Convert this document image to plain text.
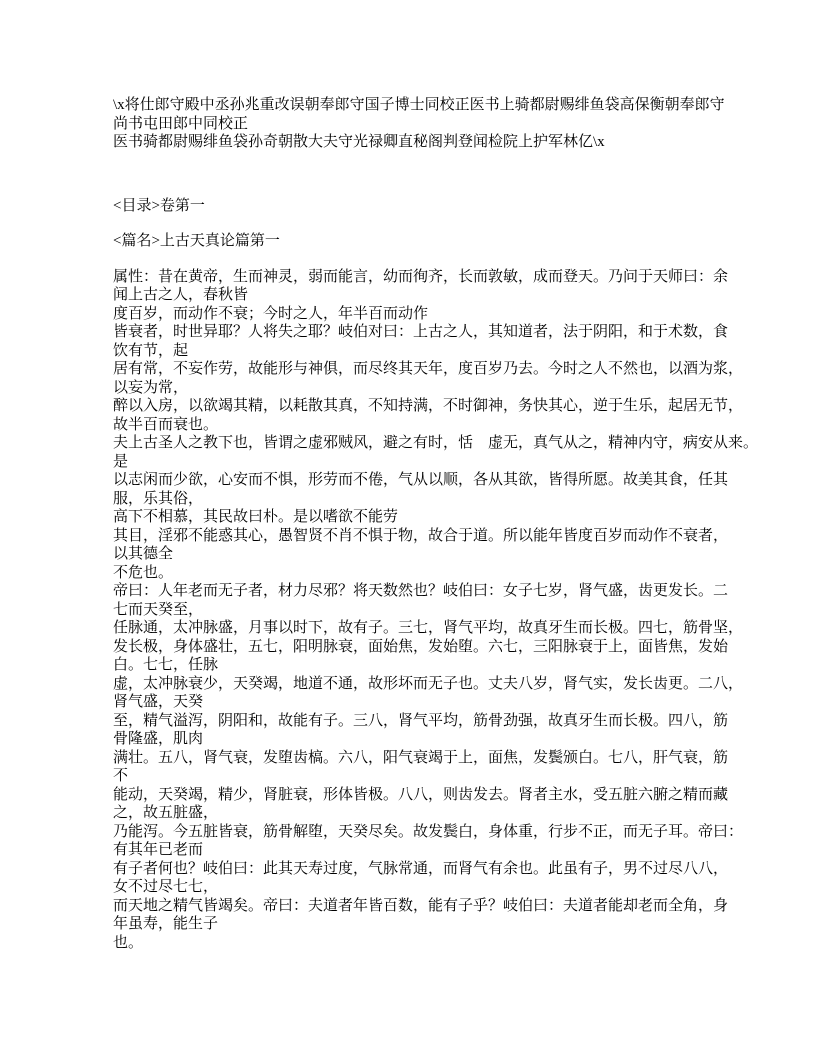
\x将仕郎守殿中丞孙兆重改误朝奉郎守国子博士同校正医书上骑都尉赐绯鱼袋高保衡朝奉郎守
尚书屯田郎中同校正
医书骑都尉赐绯鱼袋孙奇朝散大夫守光禄卿直秘阁判登闻检院上护军林亿\x
<目录>卷第一
<篇名>上古天真论篇第一
属性：昔在黄帝，生而神灵，弱而能言，幼而徇齐，长而敦敏，成而登天。乃问于天师曰：余
闻上古之人，春秋皆
度百岁，而动作不衰；今时之人，年半百而动作
皆衰者，时世异耶？人将失之耶？岐伯对曰：上古之人，其知道者，法于阴阳，和于术数，食
饮有节，起
居有常，不妄作劳，故能形与神俱，而尽终其天年，度百岁乃去。今时之人不然也，以酒为浆，
以妄为常，
醉以入房，以欲竭其精，以耗散其真，不知持满，不时御神，务快其心，逆于生乐，起居无节，
故半百而衰也。
夫上古圣人之教下也，皆谓之虚邪贼风，避之有时，恬　虚无，真气从之，精神内守，病安从来。
是
以志闲而少欲，心安而不惧，形劳而不倦，气从以顺，各从其欲，皆得所愿。故美其食，任其
服，乐其俗，
高下不相慕，其民故曰朴。是以嗜欲不能劳
其目，淫邪不能惑其心，愚智贤不肖不惧于物，故合于道。所以能年皆度百岁而动作不衰者，
以其德全
不危也。
帝曰：人年老而无子者，材力尽邪？将天数然也？岐伯曰：女子七岁，肾气盛，齿更发长。二
七而天癸至，
任脉通，太冲脉盛，月事以时下，故有子。三七，肾气平均，故真牙生而长极。四七，筋骨坚，
发长极，身体盛壮，五七，阳明脉衰，面始焦，发始堕。六七，三阳脉衰于上，面皆焦，发始
白。七七，任脉
虚，太冲脉衰少，天癸竭，地道不通，故形坏而无子也。丈夫八岁，肾气实，发长齿更。二八，
肾气盛，天癸
至，精气溢泻，阴阳和，故能有子。三八，肾气平均，筋骨劲强，故真牙生而长极。四八，筋
骨隆盛，肌肉
满壮。五八，肾气衰，发堕齿槁。六八，阳气衰竭于上，面焦，发鬓颁白。七八，肝气衰，筋
不
能动，天癸竭，精少，肾脏衰，形体皆极。八八，则齿发去。肾者主水，受五脏六腑之精而藏
之，故五脏盛，
乃能泻。今五脏皆衰，筋骨解堕，天癸尽矣。故发鬓白，身体重，行步不正，而无子耳。帝曰：
有其年已老而
有子者何也？岐伯曰：此其天寿过度，气脉常通，而肾气有余也。此虽有子，男不过尽八八，
女不过尽七七，
而天地之精气皆竭矣。帝曰：夫道者年皆百数，能有子乎？岐伯曰：夫道者能却老而全角，身
年虽寿，能生子
也。
